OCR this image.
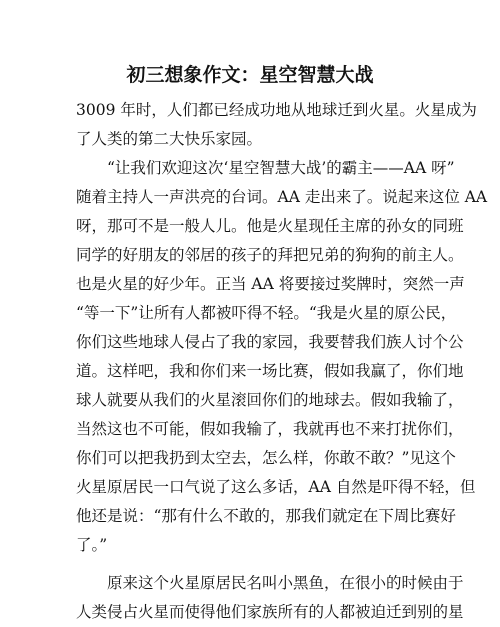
初三想象作文：星空智慧大战
3009 年时，人们都已经成功地从地球迁到火星。火星成为
了人类的第二大快乐家园。
“让我们欢迎这次‘星空智慧大战’的霸主——AA 呀”
随着主持人一声洪亮的台词。AA 走出来了。说起来这位 AA
呀，那可不是一般人儿。他是火星现任主席的孙女的同班
同学的好朋友的邻居的孩子的拜把兄弟的狗狗的前主人。
也是火星的好少年。正当 AA 将要接过奖牌时，突然一声
“等一下”让所有人都被吓得不轻。“我是火星的原公民，
你们这些地球人侵占了我的家园，我要替我们族人讨个公
道。这样吧，我和你们来一场比赛，假如我赢了，你们地
球人就要从我们的火星滚回你们的地球去。假如我输了，
当然这也不可能，假如我输了，我就再也不来打扰你们，
你们可以把我扔到太空去，怎么样，你敢不敢？”见这个
火星原居民一口气说了这么多话，AA 自然是吓得不轻，但
他还是说：“那有什么不敢的，那我们就定在下周比赛好
了。”
原来这个火星原居民名叫小黑鱼，在很小的时候由于
人类侵占火星而使得他们家族所有的人都被迫迁到别的星
